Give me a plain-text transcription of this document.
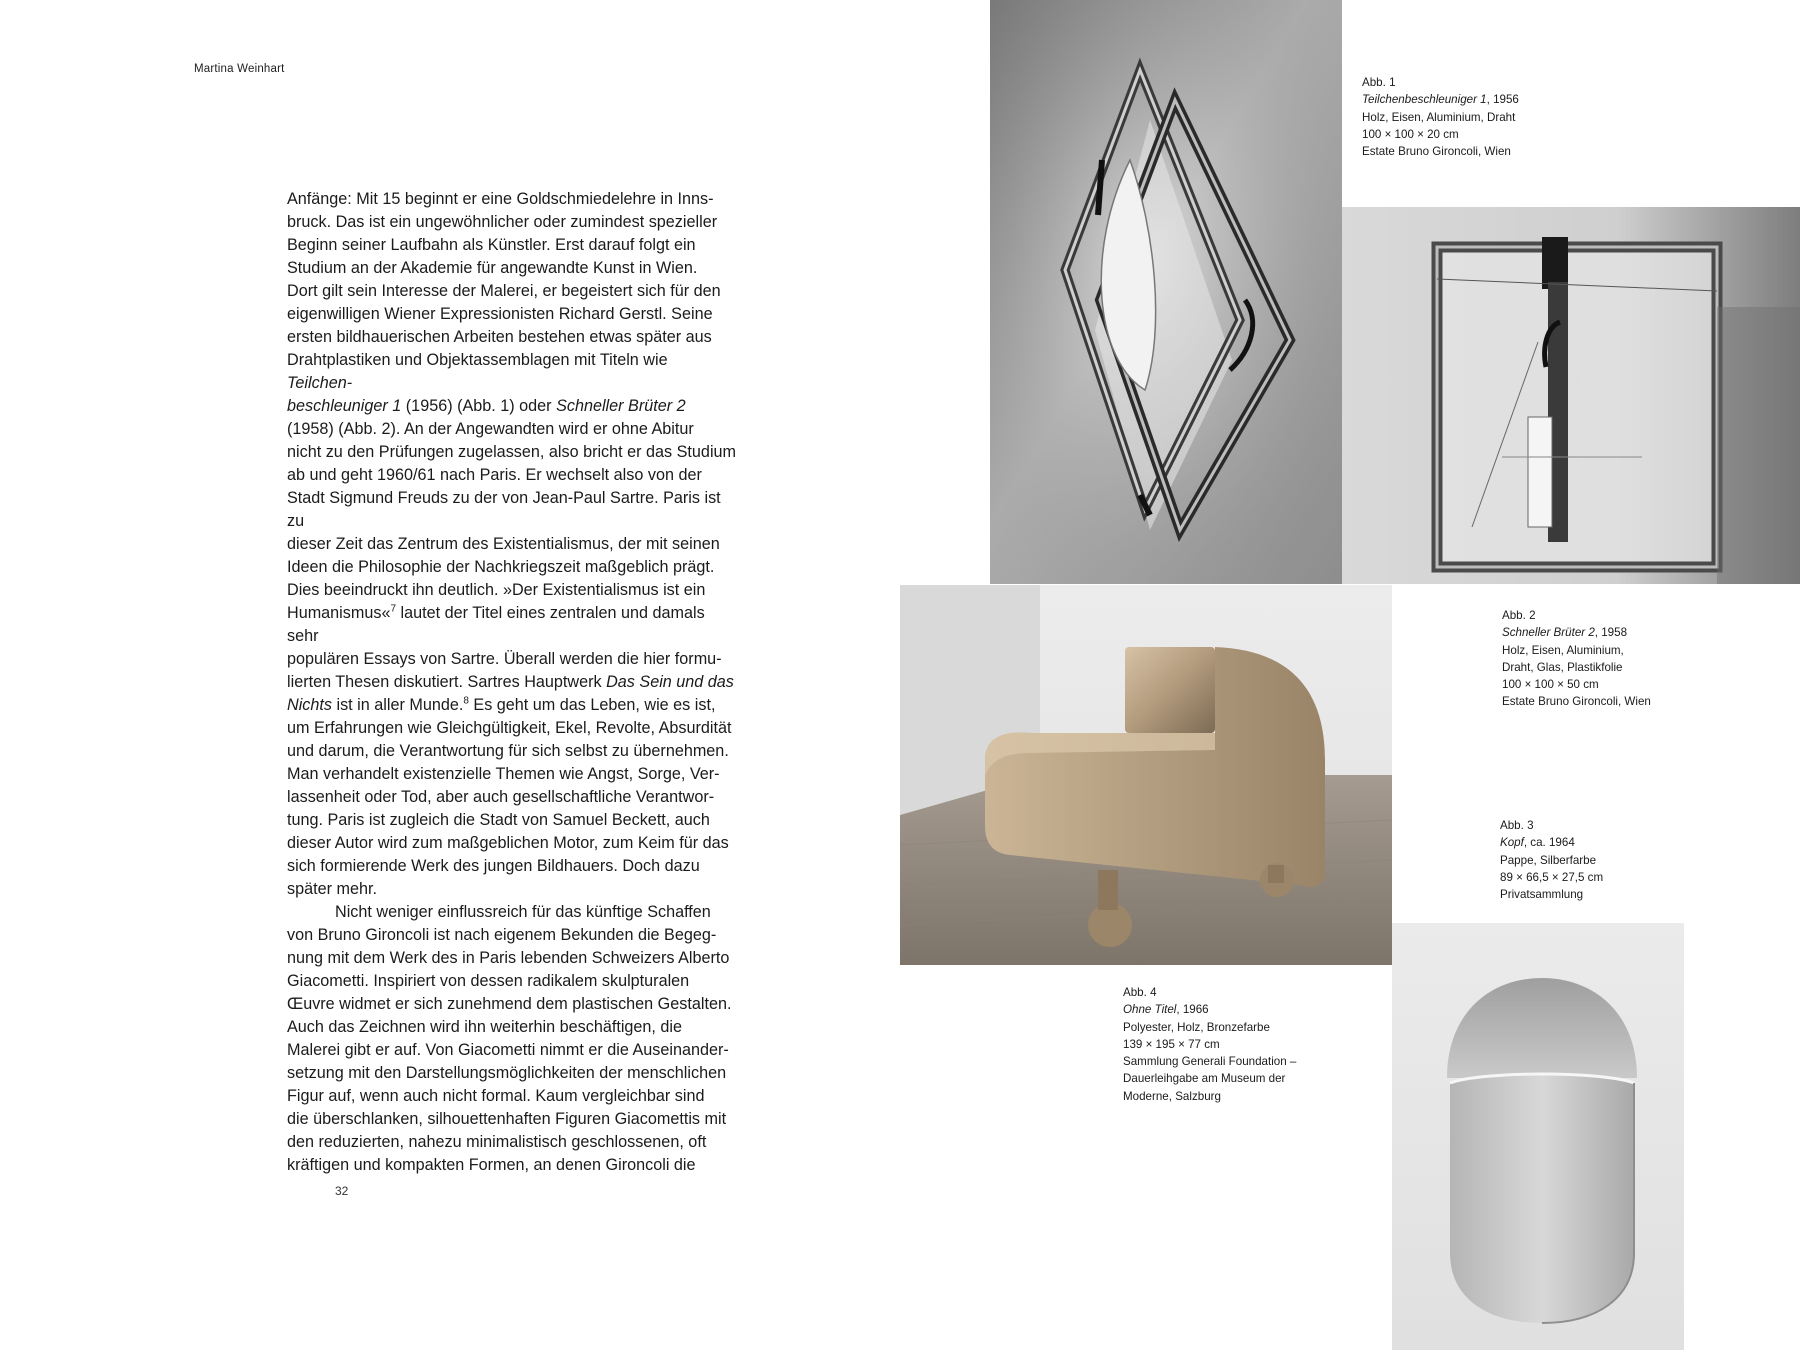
Martina Weinhart

Anfänge: Mit 15 beginnt er eine Goldschmiedelehre in Inns-
bruck. Das ist ein ungewöhnlicher oder zumindest spezieller
Beginn seiner Laufbahn als Künstler. Erst darauf folgt ein
Studium an der Akademie für angewandte Kunst in Wien.
Dort gilt sein Interesse der Malerei, er begeistert sich für den
eigenwilligen Wiener Expressionisten Richard Gerstl. Seine
ersten bildhauerischen Arbeiten bestehen etwas später aus
Drahtplastiken und Objektassemblagen mit Titeln wie Teilchen-
beschleuniger 1 (1956) (Abb. 1) oder Schneller Brüter 2
(1958) (Abb. 2). An der Angewandten wird er ohne Abitur
nicht zu den Prüfungen zugelassen, also bricht er das Studium
ab und geht 1960/61 nach Paris. Er wechselt also von der
Stadt Sigmund Freuds zu der von Jean-Paul Sartre. Paris ist zu
dieser Zeit das Zentrum des Existentialismus, der mit seinen
Ideen die Philosophie der Nachkriegszeit maßgeblich prägt.
Dies beeindruckt ihn deutlich. »Der Existentialismus ist ein
Humanismus«$^7$ lautet der Titel eines zentralen und damals sehr
populären Essays von Sartre. Überall werden die hier formu-
lierten Thesen diskutiert. Sartres Hauptwerk Das Sein und das
Nichts ist in aller Munde.$^8$ Es geht um das Leben, wie es ist,
um Erfahrungen wie Gleichgültigkeit, Ekel, Revolte, Absurdität
und darum, die Verantwortung für sich selbst zu übernehmen.
Man verhandelt existenzielle Themen wie Angst, Sorge, Ver-
lassenheit oder Tod, aber auch gesellschaftliche Verantwor-
tung. Paris ist zugleich die Stadt von Samuel Beckett, auch
dieser Autor wird zum maßgeblichen Motor, zum Keim für das
sich formierende Werk des jungen Bildhauers. Doch dazu
später mehr.

Nicht weniger einflussreich für das künftige Schaffen
von Bruno Gironcoli ist nach eigenem Bekunden die Begeg-
nung mit dem Werk des in Paris lebenden Schweizers Alberto
Giacometti. Inspiriert von dessen radikalem skulpturalen
Œuvre widmet er sich zunehmend dem plastischen Gestalten.
Auch das Zeichnen wird ihn weiterhin beschäftigen, die
Malerei gibt er auf. Von Giacometti nimmt er die Auseinander-
setzung mit den Darstellungsmöglichkeiten der menschlichen
Figur auf, wenn auch nicht formal. Kaum vergleichbar sind
die überschlanken, silhouettenhaften Figuren Giacomettis mit
den reduzierten, nahezu minimalistisch geschlossenen, oft
kräftigen und kompakten Formen, an denen Gironcoli die

32
Abb. 1
Teilchenbeschleuniger 1, 1956
Holz, Eisen, Aluminium, Draht
100 × 100 × 20 cm
Estate Bruno Gironcoli, Wien
Abb. 2
Schneller Brüter 2, 1958
Holz, Eisen, Aluminium,
Draht, Glas, Plastikfolie
100 × 100 × 50 cm
Estate Bruno Gironcoli, Wien
Abb. 3
Kopf, ca. 1964
Pappe, Silberfarbe
89 × 66,5 × 27,5 cm
Privatsammlung
Abb. 4
Ohne Titel, 1966
Polyester, Holz, Bronzefarbe
139 × 195 × 77 cm
Sammlung Generali Foundation –
Dauerleihgabe am Museum der
Moderne, Salzburg
